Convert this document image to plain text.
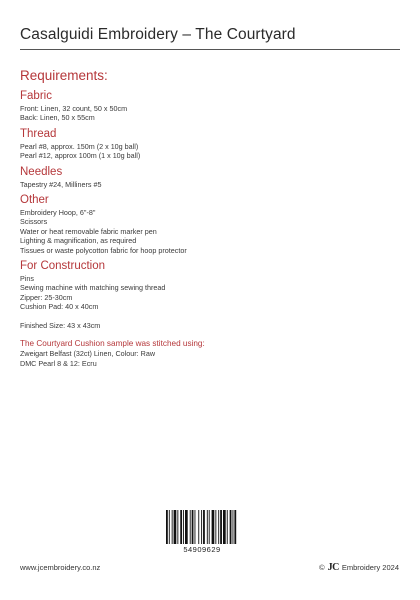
Casalguidi Embroidery – The Courtyard
Requirements:
Fabric
Front: Linen, 32 count, 50 x 50cm
Back: Linen, 50 x 55cm
Thread
Pearl #8, approx. 150m (2 x 10g ball)
Pearl #12, approx 100m (1 x 10g ball)
Needles
Tapestry #24, Milliners #5
Other
Embroidery Hoop, 6"-8"
Scissors
Water or heat removable fabric marker pen
Lighting & magnification, as required
Tissues or waste polycotton fabric for hoop protector
For Construction
Pins
Sewing machine with matching sewing thread
Zipper: 25-30cm
Cushion Pad: 40 x 40cm
Finished Size: 43 x 43cm
The Courtyard Cushion sample was stitched using:
Zweigart Belfast (32ct) Linen, Colour: Raw
DMC Pearl 8 & 12: Ecru
54909629
www.jcembroidery.co.nz	© JC Embroidery 2024
